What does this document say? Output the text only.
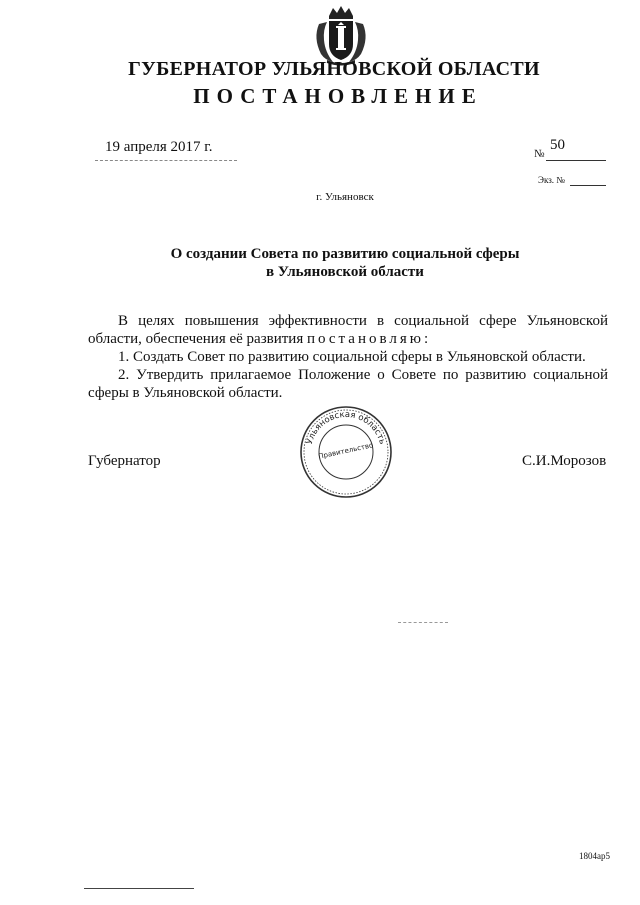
ГУБЕРНАТОР УЛЬЯНОВСКОЙ ОБЛАСТИ
ПОСТАНОВЛЕНИЕ
19 апреля 2017 г.	№
50
Экз. №
г. Ульяновск
О создании Совета по развитию социальной сферы
в Ульяновской области

В целях повышения эффективности в социальной сфере Ульяновской области, обеспечения её развития постановляю:

1. Создать Совет по развитию социальной сферы в Ульяновской области.

2. Утвердить прилагаемое Положение о Совете по развитию социальной сферы в Ульяновской области.

Ульяновская область
Правительство
Губернатор	С.И.Морозов
1804ap5
